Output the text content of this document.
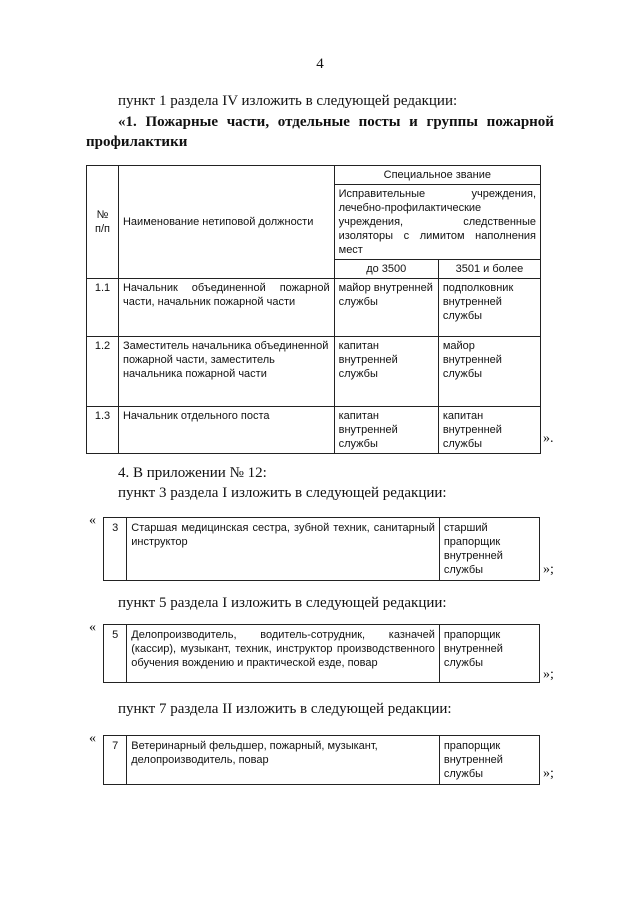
4
пункт 1 раздела IV изложить в следующей редакции:
«1. Пожарные части, отдельные посты и группы пожарной
профилактики
№ п/п	Наименование нетиповой должности	Специальное звание	
		Исправительные учреждения, лечебно-профилактические учреждения, следственные изоляторы с лимитом наполнения мест	
		до 3500	3501 и более
1.1	Начальник объединенной пожарной части, начальник пожарной части	майор внутренней службы	подполковник внутренней службы
1.2	Заместитель начальника объединенной пожарной части, заместитель начальника пожарной части	капитан внутренней службы	майор внутренней службы
1.3	Начальник отдельного поста	капитан внутренней службы	капитан внутренней службы	».
4. В приложении № 12:
пункт 3 раздела I изложить в следующей редакции:
« 3	Старшая медицинская сестра, зубной техник, санитарный инструктор	старший прапорщик внутренней службы	»;
пункт 5 раздела I изложить в следующей редакции:
« 5	Делопроизводитель, водитель-сотрудник, казначей (кассир), музыкант, техник, инструктор производственного обучения вождению и практической езде, повар	прапорщик внутренней службы
»;
пункт 7 раздела II изложить в следующей редакции:
« 7	Ветеринарный фельдшер, пожарный, музыкант, делопроизводитель, повар	прапорщик внутренней службы	»;
